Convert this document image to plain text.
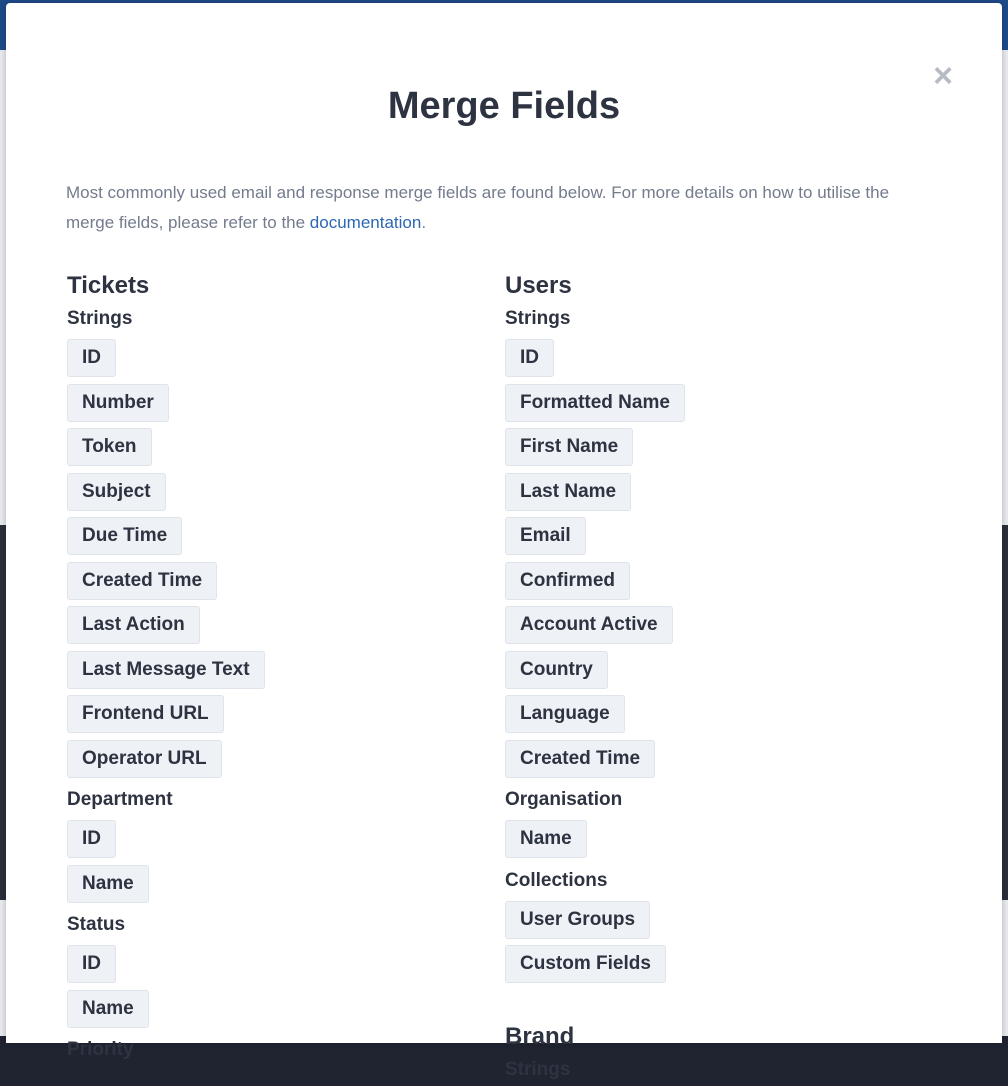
×
Merge Fields

Most commonly used email and response merge fields are found below. For more details on how to utilise the merge fields, please refer to the documentation.

Tickets
Strings
ID
Number
Token
Subject
Due Time
Created Time
Last Action
Last Message Text
Frontend URL
Operator URL
Department
ID
Name
Status
ID
Name
Priority
Users
Strings
ID
Formatted Name
First Name
Last Name
Email
Confirmed
Account Active
Country
Language
Created Time
Organisation
Name
Collections
User Groups
Custom Fields
Brand
Strings
